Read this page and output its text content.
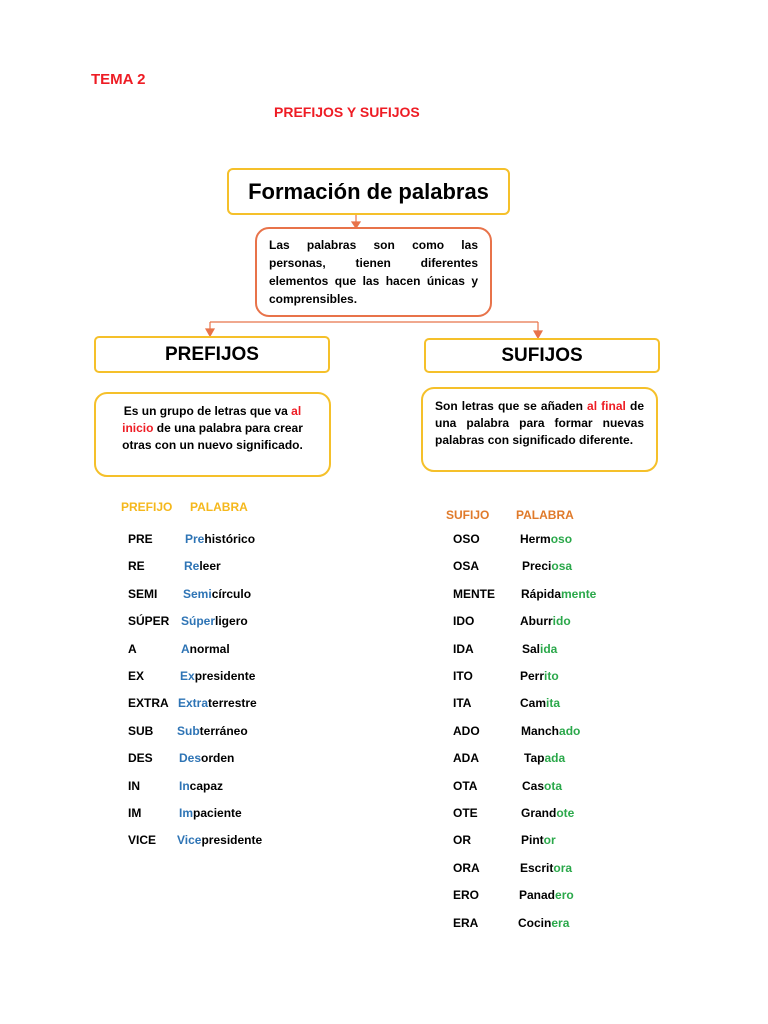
TEMA 2
PREFIJOS Y SUFIJOS
Formación de palabras
Las palabras son como las personas, tienen diferentes elementos que las hacen únicas y comprensibles.
PREFIJOS	SUFIJOS
Es un grupo de letras que va al inicio de una palabra para crear otras con un nuevo significado.
Son letras que se añaden al final de una palabra para formar nuevas palabras con significado diferente.
PREFIJO PALABRA
SUFIJO PALABRA
PRE	Prehistórico
RE	Releer
SEMI Semicírculo
SÚPER Súperligero
A	Anormal
EX	Expresidente
EXTRA Extraterrestre
SUB Subterráneo
DES Desorden
IN	Incapaz
IM	Impaciente
VICE Vicepresidente
OSO	Hermoso
OSA	Preciosa
MENTE Rápidamente
IDO	Aburrido
IDA	Salida
ITO	Perrito
ITA	Camita
ADO	Manchado
ADA	Tapada
OTA	Casota
OTE	Grandote
OR	Pintor
ORA	Escritora
ERO	Panadero
ERA	Cocinera
